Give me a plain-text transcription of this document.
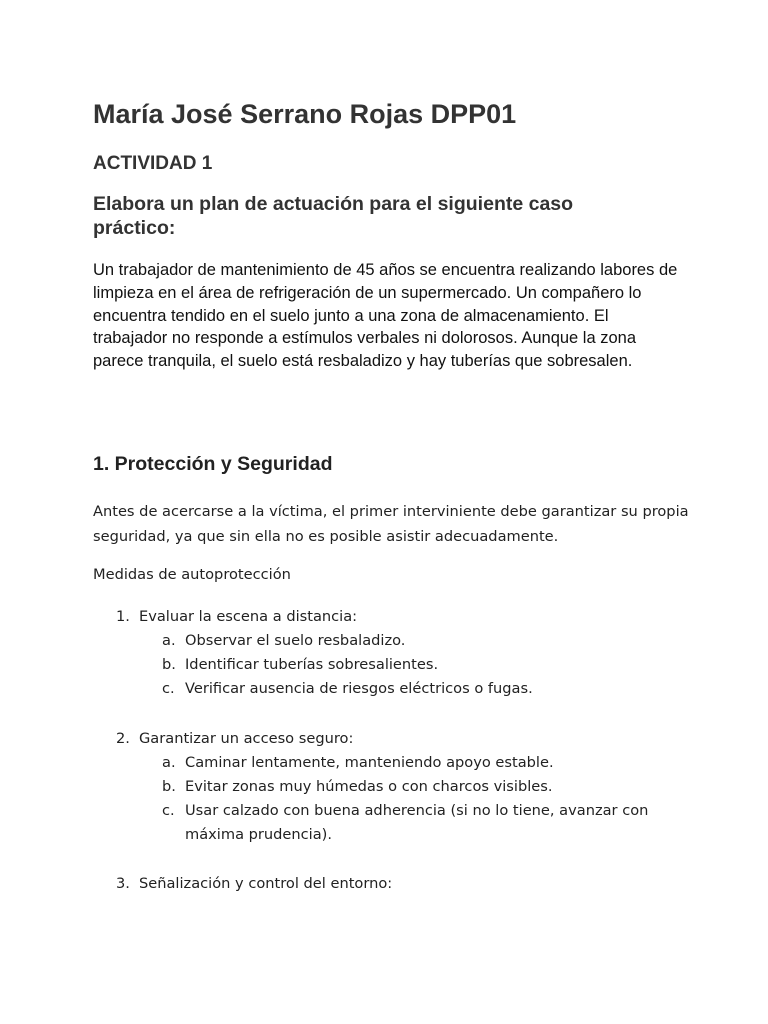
María José Serrano Rojas DPP01

ACTIVIDAD 1

Elabora un plan de actuación para el siguiente caso práctico:

Un trabajador de mantenimiento de 45 años se encuentra realizando labores de limpieza en el área de refrigeración de un supermercado. Un compañero lo encuentra tendido en el suelo junto a una zona de almacenamiento. El trabajador no responde a estímulos verbales ni dolorosos. Aunque la zona parece tranquila, el suelo está resbaladizo y hay tuberías que sobresalen.

1. Protección y Seguridad

Antes de acercarse a la víctima, el primer interviniente debe garantizar su propia seguridad, ya que sin ella no es posible asistir adecuadamente.

Medidas de autoprotección

1. Evaluar la escena a distancia:
a. Observar el suelo resbaladizo.
b. Identificar tuberías sobresalientes.
c. Verificar ausencia de riesgos eléctricos o fugas.
2. Garantizar un acceso seguro:
a. Caminar lentamente, manteniendo apoyo estable.
b. Evitar zonas muy húmedas o con charcos visibles.
c. Usar calzado con buena adherencia (si no lo tiene, avanzar con máxima prudencia).
3. Señalización y control del entorno:
